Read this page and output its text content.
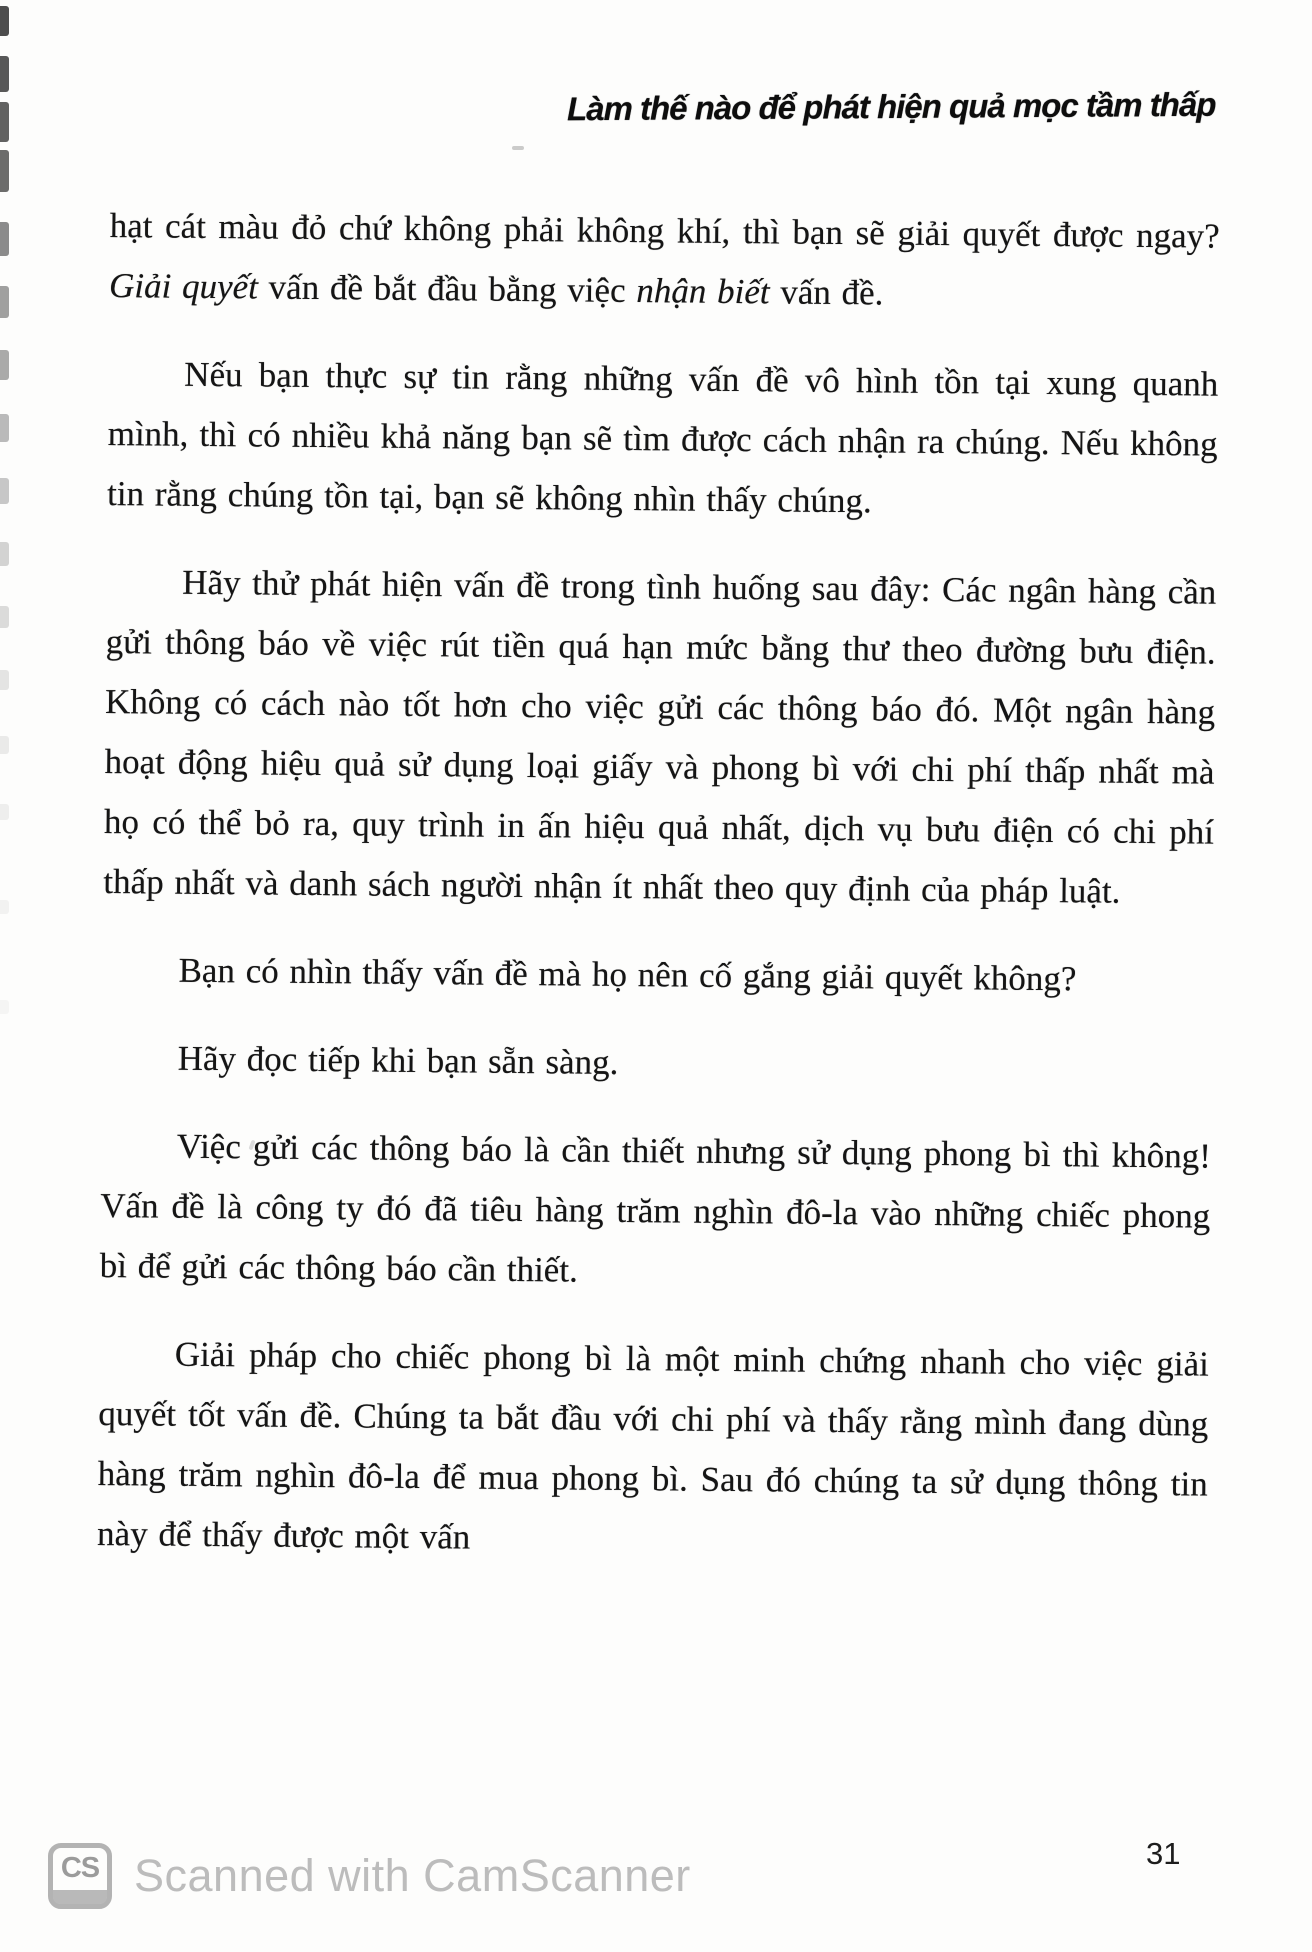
Làm thế nào để phát hiện quả mọc tầm thấp

hạt cát màu đỏ chứ không phải không khí, thì bạn sẽ giải quyết được ngay? Giải quyết vấn đề bắt đầu bằng việc nhận biết vấn đề.

Nếu bạn thực sự tin rằng những vấn đề vô hình tồn tại xung quanh mình, thì có nhiều khả năng bạn sẽ tìm được cách nhận ra chúng. Nếu không tin rằng chúng tồn tại, bạn sẽ không nhìn thấy chúng.

Hãy thử phát hiện vấn đề trong tình huống sau đây: Các ngân hàng cần gửi thông báo về việc rút tiền quá hạn mức bằng thư theo đường bưu điện. Không có cách nào tốt hơn cho việc gửi các thông báo đó. Một ngân hàng hoạt động hiệu quả sử dụng loại giấy và phong bì với chi phí thấp nhất mà họ có thể bỏ ra, quy trình in ấn hiệu quả nhất, dịch vụ bưu điện có chi phí thấp nhất và danh sách người nhận ít nhất theo quy định của pháp luật.

Bạn có nhìn thấy vấn đề mà họ nên cố gắng giải quyết không?

Hãy đọc tiếp khi bạn sẵn sàng.

Việc gửi các thông báo là cần thiết nhưng sử dụng phong bì thì không! Vấn đề là công ty đó đã tiêu hàng trăm nghìn đô-la vào những chiếc phong bì để gửi các thông báo cần thiết.

Giải pháp cho chiếc phong bì là một minh chứng nhanh cho việc giải quyết tốt vấn đề. Chúng ta bắt đầu với chi phí và thấy rằng mình đang dùng hàng trăm nghìn đô-la để mua phong bì. Sau đó chúng ta sử dụng thông tin này để thấy được một vấn

31
CS Scanned with CamScanner
